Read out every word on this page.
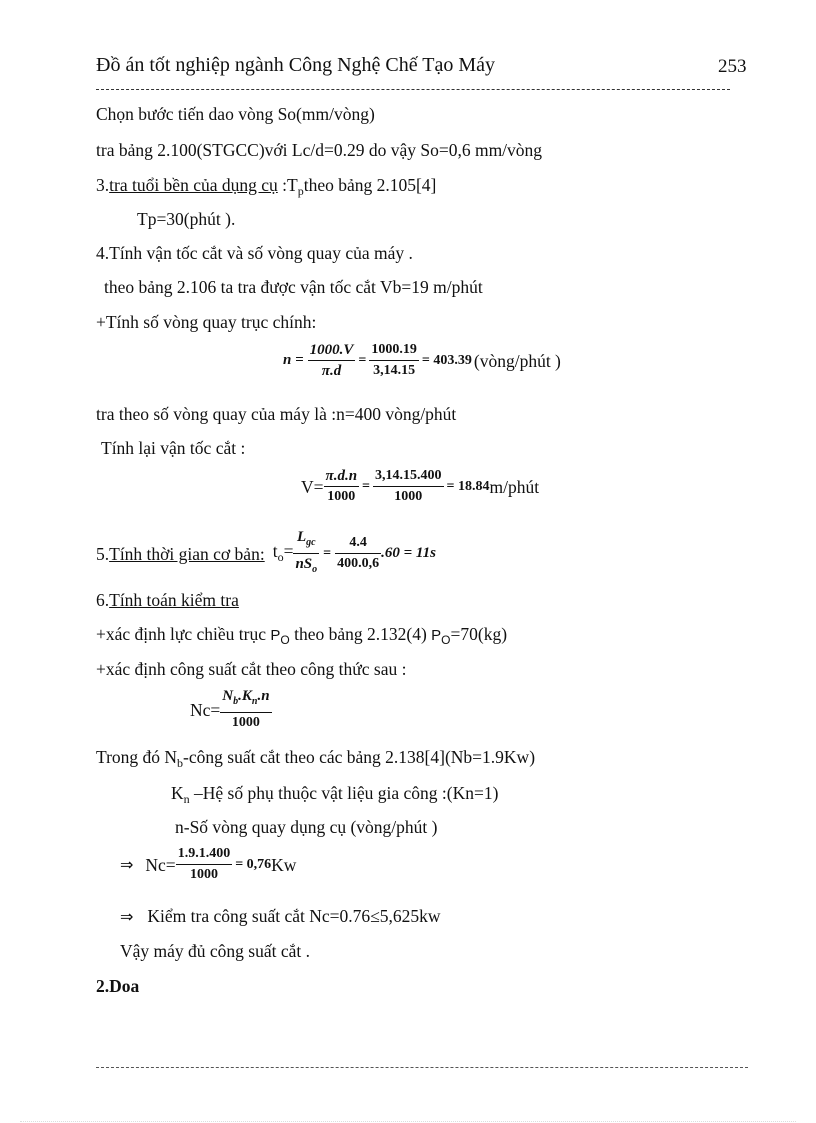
Đồ án tốt nghiệp ngành Công Nghệ Chế Tạo Máy	253
Chọn bước tiến dao vòng So(mm/vòng)
tra bảng 2.100(STGCC)với Lc/d=0.29 do vậy So=0,6 mm/vòng
3.tra tuổi bền của dụng cụ $:T_ptheo$ bảng 2.105[4]
Tp=30(phút ).
4.Tính vận tốc cắt và số vòng quay của máy .
theo bảng 2.106 ta tra được vận tốc cắt Vb=19 m/phút
+Tính số vòng quay trục chính:
$n = \frac{1000.V}{\pi.d} = \frac{1000.19}{3,14.15} = 403.39$ (vòng/phút )
tra theo số vòng quay của máy là :n=400 vòng/phút
Tính lại vận tốc cắt :
$V= \frac{\pi.d.n}{1000} = \frac{3,14.15.400}{1000} = 18.84$ m/phút
5. Tính thời gian cơ bản: $t_o= \frac{L_{gc}}{nS_o} = \frac{4.4}{400.0,6} .60 = 11s$
6.Tính toán kiểm tra
+xác định lực chiều trục $P_O$ theo bảng 2.132(4) $P_O=70(kg)$
+xác định công suất cắt theo công thức sau :
$Nc= \frac{N_b.K_n.n}{1000}$
Trong đó $N_b$-công suất cắt theo các bảng 2.138[4](Nb=1.9Kw)
$K_n$ –Hệ số phụ thuộc vật liệu gia công :(Kn=1)
n-Số vòng quay dụng cụ (vòng/phút )
⇒ $Nc= \frac{1.9.1.400}{1000} = 0,76$ Kw
⇒ Kiểm tra công suất cắt Nc=0.76≤5,625kw
Vậy máy đủ công suất cắt .
2.Doa
